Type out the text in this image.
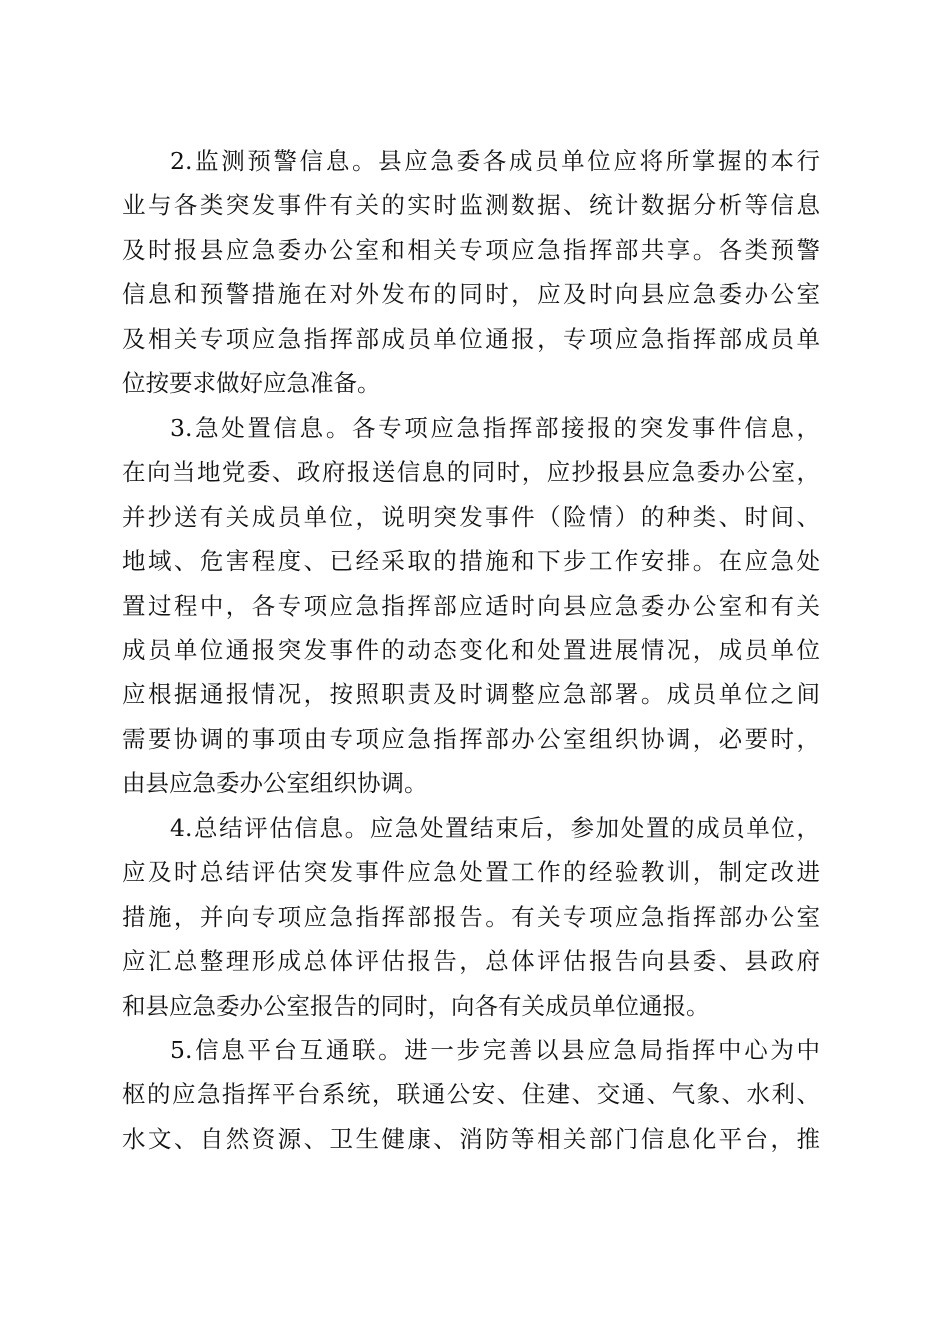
2.监测预警信息。县应急委各成员单位应将所掌握的本行
业与各类突发事件有关的实时监测数据、统计数据分析等信息
及时报县应急委办公室和相关专项应急指挥部共享。各类预警
信息和预警措施在对外发布的同时，应及时向县应急委办公室
及相关专项应急指挥部成员单位通报，专项应急指挥部成员单
位按要求做好应急准备。
3.急处置信息。各专项应急指挥部接报的突发事件信息，
在向当地党委、政府报送信息的同时，应抄报县应急委办公室，
并抄送有关成员单位，说明突发事件（险情）的种类、时间、
地域、危害程度、已经采取的措施和下步工作安排。在应急处
置过程中，各专项应急指挥部应适时向县应急委办公室和有关
成员单位通报突发事件的动态变化和处置进展情况，成员单位
应根据通报情况，按照职责及时调整应急部署。成员单位之间
需要协调的事项由专项应急指挥部办公室组织协调，必要时，
由县应急委办公室组织协调。
4.总结评估信息。应急处置结束后，参加处置的成员单位，
应及时总结评估突发事件应急处置工作的经验教训，制定改进
措施，并向专项应急指挥部报告。有关专项应急指挥部办公室
应汇总整理形成总体评估报告，总体评估报告向县委、县政府
和县应急委办公室报告的同时，向各有关成员单位通报。
5.信息平台互通联。进一步完善以县应急局指挥中心为中
枢的应急指挥平台系统，联通公安、住建、交通、气象、水利、
水文、自然资源、卫生健康、消防等相关部门信息化平台，推
